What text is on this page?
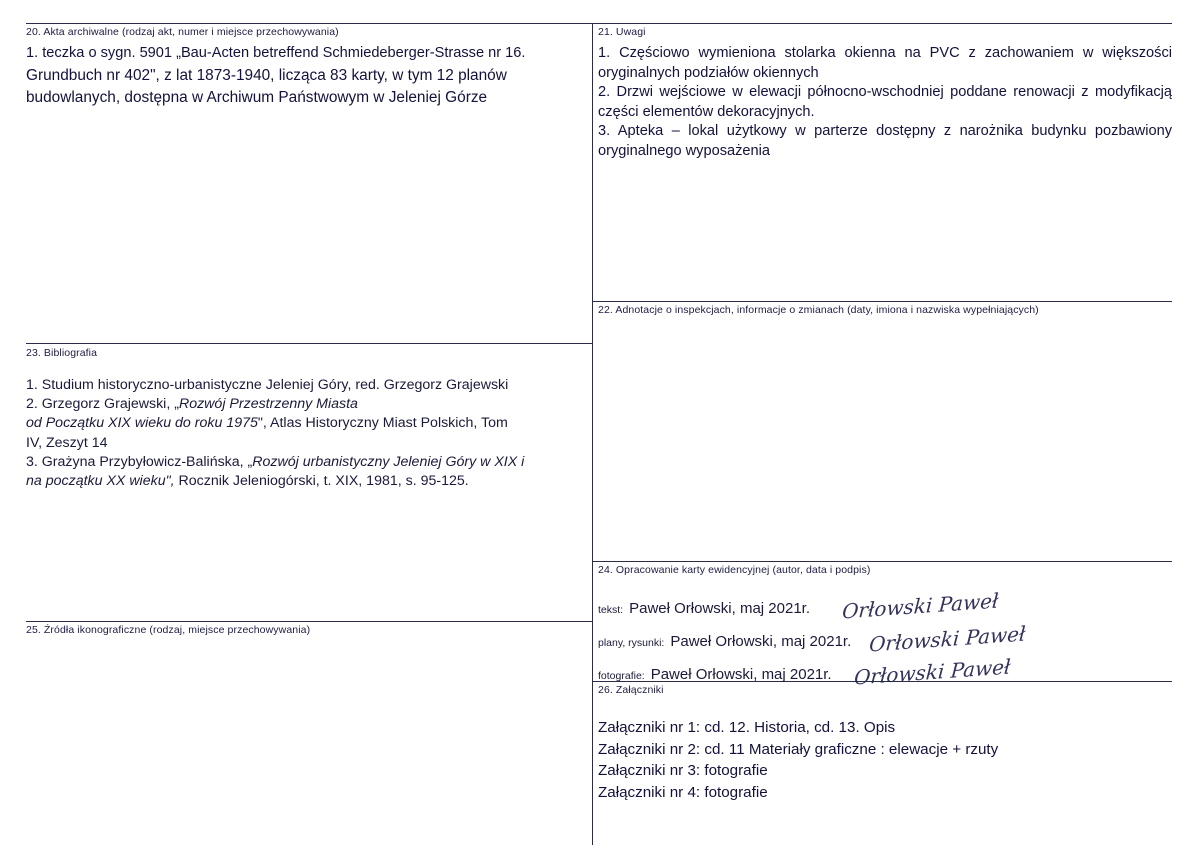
20. Akta archiwalne (rodzaj akt, numer i miejsce przechowywania)

1. teczka o sygn. 5901 „Bau-Acten betreffend Schmiedeberger-Strasse nr 16.

Grundbuch nr 402", z lat 1873-1940, licząca 83 karty, w tym 12 planów

budowlanych, dostępna w Archiwum Państwowym w Jeleniej Górze

21. Uwagi

1. Częściowo wymieniona stolarka okienna na PVC z zachowaniem w większości oryginalnych podziałów okiennych

2. Drzwi wejściowe w elewacji północno-wschodniej poddane renowacji z modyfikacją części elementów dekoracyjnych.

3. Apteka – lokal użytkowy w parterze dostępny z narożnika budynku pozbawiony oryginalnego wyposażenia

22. Adnotacje o inspekcjach, informacje o zmianach (daty, imiona i nazwiska wypełniających)
23. Bibliografia

1. Studium historyczno-urbanistyczne Jeleniej Góry, red. Grzegorz Grajewski

2. Grzegorz Grajewski, „Rozwój Przestrzenny Miasta

od Początku XIX wieku do roku 1975", Atlas Historyczny Miast Polskich, Tom

IV, Zeszyt 14

3. Grażyna Przybyłowicz-Balińska, „Rozwój urbanistyczny Jeleniej Góry w XIX i

na początku XX wieku", Rocznik Jeleniogórski, t. XIX, 1981, s. 95-125.

24. Opracowanie karty ewidencyjnej (autor, data i podpis)
tekst: Paweł Orłowski, maj 2021r. Orłowski Paweł
plany, rysunki: Paweł Orłowski, maj 2021r. Orłowski Paweł
fotografie: Paweł Orłowski, maj 2021r. Orłowski Paweł
25. Źródła ikonograficzne (rodzaj, miejsce przechowywania)
26. Załączniki

Załączniki nr 1: cd. 12. Historia, cd. 13. Opis

Załączniki nr 2: cd. 11 Materiały graficzne : elewacje + rzuty

Załączniki nr 3: fotografie

Załączniki nr 4: fotografie
